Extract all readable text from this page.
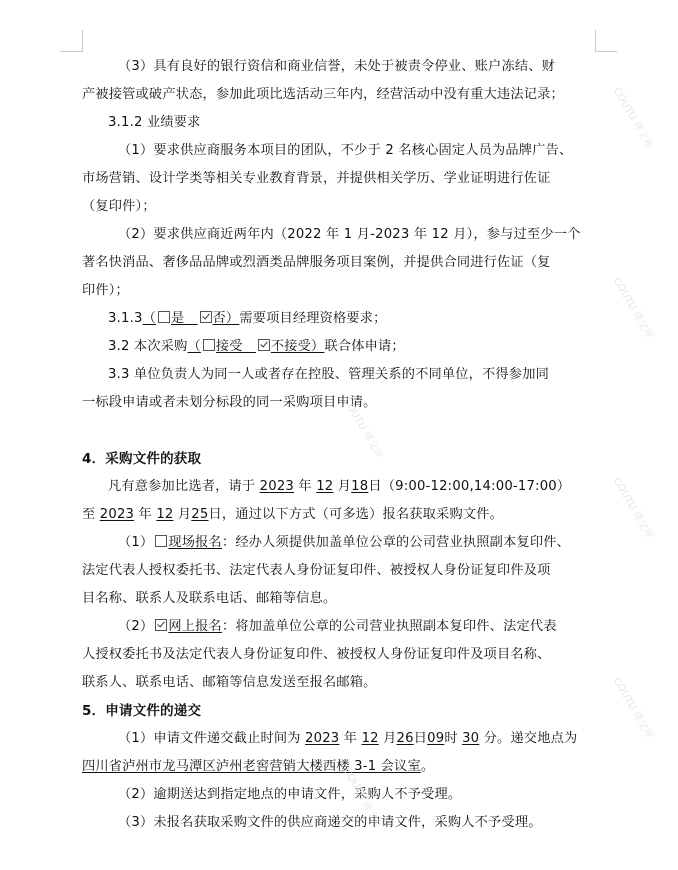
（3）具有良好的银行资信和商业信誉，未处于被责令停业、账户冻结、财
产被接管或破产状态，参加此项比选活动三年内，经营活动中没有重大违法记录；
3.1.2 业绩要求
（1）要求供应商服务本项目的团队，不少于 2 名核心固定人员为品牌广告、
市场营销、设计学类等相关专业教育背景，并提供相关学历、学业证明进行佐证
（复印件）；
（2）要求供应商近两年内（2022 年 1 月-2023 年 12 月），参与过至少一个
著名快消品、奢侈品品牌或烈酒类品牌服务项目案例，并提供合同进行佐证（复
印件）；
3.1.3（ 是 否）需要项目经理资格要求；
3.2 本次采购（ 接受 不接受）联合体申请；
3.3 单位负责人为同一人或者存在控股、管理关系的不同单位，不得参加同
一标段申请或者未划分标段的同一采购项目申请。
4．采购文件的获取
凡有意参加比选者，请于 2023 年 12 月18日（9:00-12:00,14:00-17:00）
至 2023 年 12 月25日，通过以下方式（可多选）报名获取采购文件。
（1） 现场报名：经办人须提供加盖单位公章的公司营业执照副本复印件、
法定代表人授权委托书、法定代表人身份证复印件、被授权人身份证复印件及项
目名称、联系人及联系电话、邮箱等信息。
（2） 网上报名：将加盖单位公章的公司营业执照副本复印件、法定代表
人授权委托书及法定代表人身份证复印件、被授权人身份证复印件及项目名称、
联系人、联系电话、邮箱等信息发送至报名邮箱。
5．申请文件的递交
（1）申请文件递交截止时间为 2023 年 12 月26日09时 30 分。递交地点为
四川省泸州市龙马潭区泸州老窖营销大楼西楼 3-1 会议室。
（2）逾期送达到指定地点的申请文件，采购人不予受理。
（3）未报名获取采购文件的供应商递交的申请文件，采购人不予受理。
COUTU 译文库
COUTU 译文库
COUTU 译文库
COUTU 译文库
COUTU 译文库
COUTU 译文库
